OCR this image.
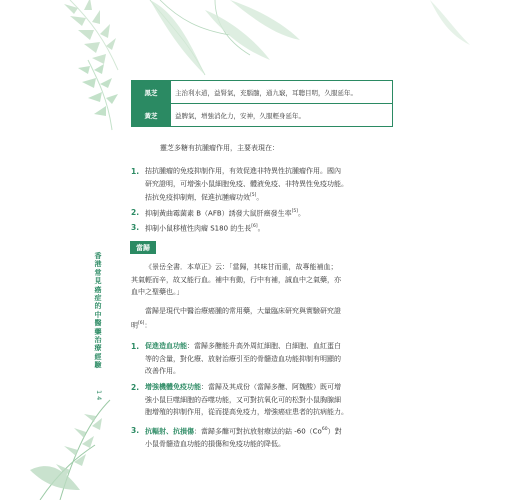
黑芝	主治利水道，益腎氣，充腦髓，通九竅，耳聰目明，久服延年。
黃芝	益脾氣，增強消化力，安神，久服輕身延年。
靈芝多糖有抗腫瘤作用，主要表現在：
1. 拮抗腫瘤的免疫抑制作用，有效促進非特異性抗腫瘤作用。國內
研究證明，可增強小鼠細胞免疫、體液免疫、非特異性免疫功能。
拮抗免疫抑制劑，促進抗腫瘤功效[5]。
2. 抑制黃曲霉菌素 B（AFB）誘發大鼠肝癌發生率[5]。
3. 抑制小鼠移植性肉瘤 S180 的生長[6]。
當歸
《景岳全書．本草正》云：「當歸，其味甘而重，故專能補血；
其氣輕而辛，故又能行血。補中有動，行中有補，誠血中之氣藥，亦
血中之聖藥也。」
當歸是現代中醫治療癌腫的常用藥，大量臨床研究與實驗研究證
明[6]：
1. 促進造血功能：當歸多醣能升高外周紅細胞、白細胞、血紅蛋白
等的含量，對化療、放射治療引至的骨髓造血功能抑制有明顯的
改善作用。
2. 增強機體免疫功能：當歸及其成份（當歸多醣、阿魏酸）既可增
強小鼠巨噬細胞的吞噬功能，又可對抗氧化可的松對小鼠胸腺細
胞增殖的抑制作用，從而提高免疫力，增強癌症患者的抗病能力。
3. 抗輻射、抗損傷：當歸多醣可對抗放射療法的鈷 -60（Co$^{60}$）對
小鼠骨髓造血功能的損傷和免疫功能的降低。
香港常見癌症的中醫藥治療經驗
14
